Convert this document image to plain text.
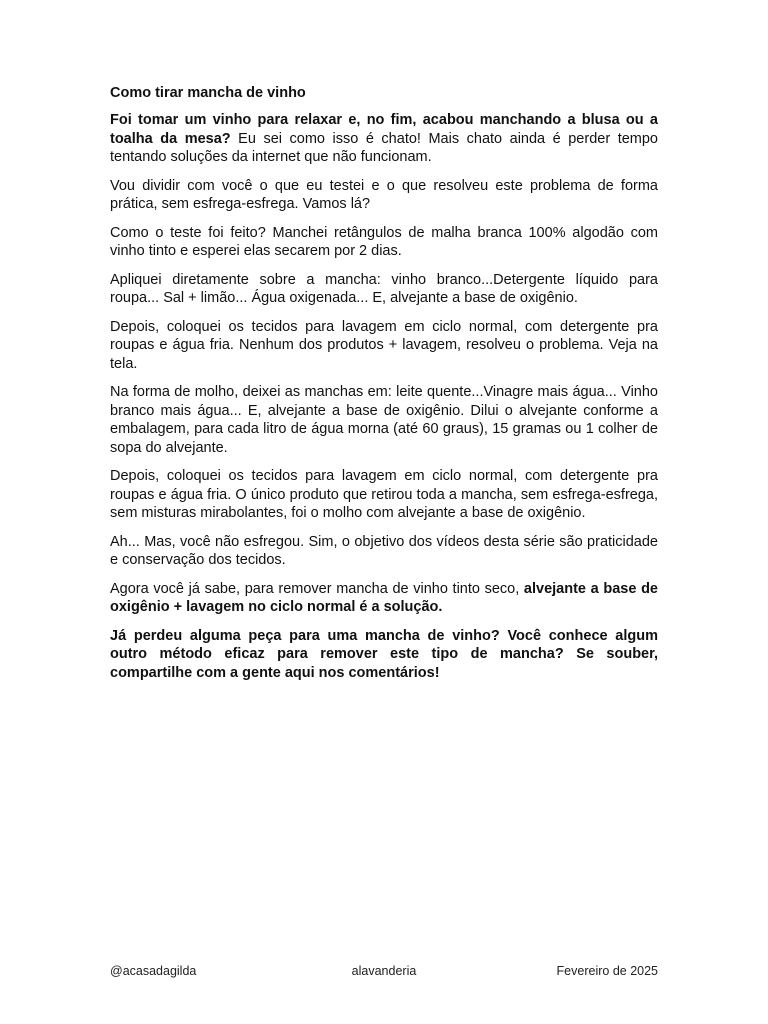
Como tirar mancha de vinho

Foi tomar um vinho para relaxar e, no fim, acabou manchando a blusa ou a toalha da mesa? Eu sei como isso é chato! Mais chato ainda é perder tempo tentando soluções da internet que não funcionam.

Vou dividir com você o que eu testei e o que resolveu este problema de forma prática, sem esfrega-esfrega. Vamos lá?

Como o teste foi feito? Manchei retângulos de malha branca 100% algodão com vinho tinto e esperei elas secarem por 2 dias.

Apliquei diretamente sobre a mancha: vinho branco...Detergente líquido para roupa... Sal + limão... Água oxigenada... E, alvejante a base de oxigênio.

Depois, coloquei os tecidos para lavagem em ciclo normal, com detergente pra roupas e água fria. Nenhum dos produtos + lavagem, resolveu o problema. Veja na tela.

Na forma de molho, deixei as manchas em: leite quente...Vinagre mais água... Vinho branco mais água... E, alvejante a base de oxigênio. Dilui o alvejante conforme a embalagem, para cada litro de água morna (até 60 graus), 15 gramas ou 1 colher de sopa do alvejante.

Depois, coloquei os tecidos para lavagem em ciclo normal, com detergente pra roupas e água fria. O único produto que retirou toda a mancha, sem esfrega-esfrega, sem misturas mirabolantes, foi o molho com alvejante a base de oxigênio.

Ah... Mas, você não esfregou. Sim, o objetivo dos vídeos desta série são praticidade e conservação dos tecidos.

Agora você já sabe, para remover mancha de vinho tinto seco, alvejante a base de oxigênio + lavagem no ciclo normal é a solução.

Já perdeu alguma peça para uma mancha de vinho? Você conhece algum outro método eficaz para remover este tipo de mancha? Se souber, compartilhe com a gente aqui nos comentários!

@acasadagilda	alavanderia	Fevereiro de 2025
